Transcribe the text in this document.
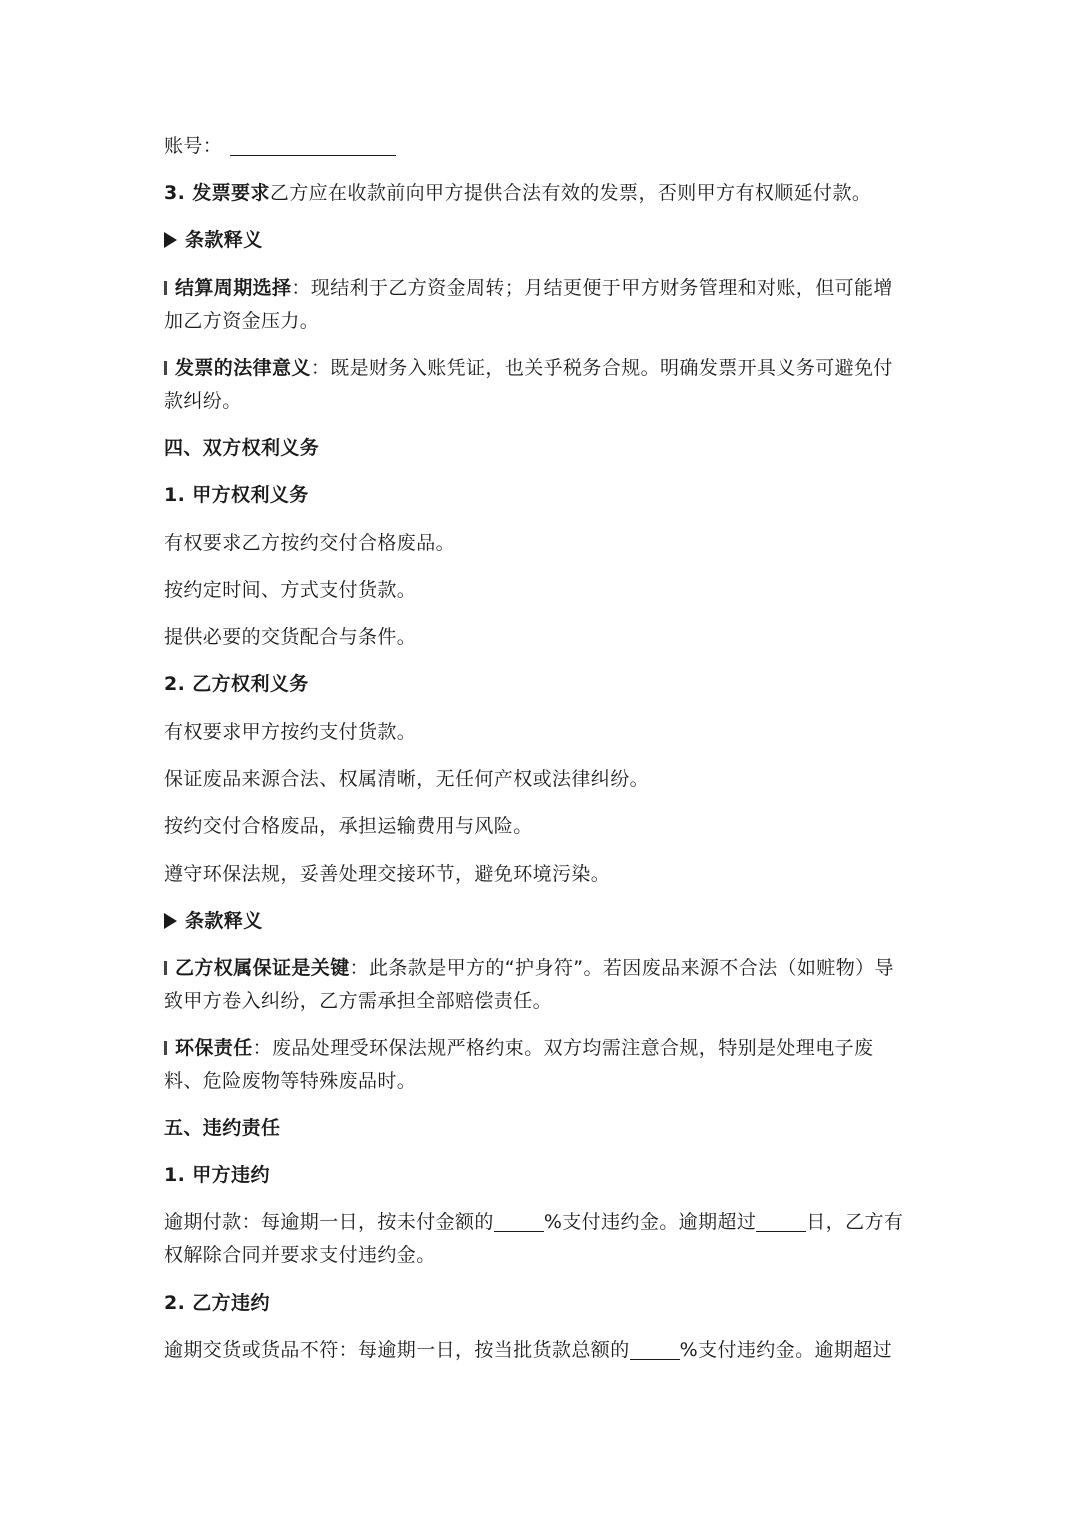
账号：
3. 发票要求乙方应在收款前向甲方提供合法有效的发票，否则甲方有权顺延付款。
条款释义
结算周期选择：现结利于乙方资金周转；月结更便于甲方财务管理和对账，但可能增
加乙方资金压力。
发票的法律意义：既是财务入账凭证，也关乎税务合规。明确发票开具义务可避免付
款纠纷。
四、双方权利义务
1. 甲方权利义务
有权要求乙方按约交付合格废品。
按约定时间、方式支付货款。
提供必要的交货配合与条件。
2. 乙方权利义务
有权要求甲方按约支付货款。
保证废品来源合法、权属清晰，无任何产权或法律纠纷。
按约交付合格废品，承担运输费用与风险。
遵守环保法规，妥善处理交接环节，避免环境污染。
条款释义
乙方权属保证是关键：此条款是甲方的“护身符”。若因废品来源不合法（如赃物）导
致甲方卷入纠纷，乙方需承担全部赔偿责任。
环保责任：废品处理受环保法规严格约束。双方均需注意合规，特别是处理电子废
料、危险废物等特殊废品时。
五、违约责任
1. 甲方违约
逾期付款：每逾期一日，按未付金额的	%支付违约金。逾期超过	日，乙方有
权解除合同并要求支付违约金。
2. 乙方违约
逾期交货或货品不符：每逾期一日，按当批货款总额的	%支付违约金。逾期超过
